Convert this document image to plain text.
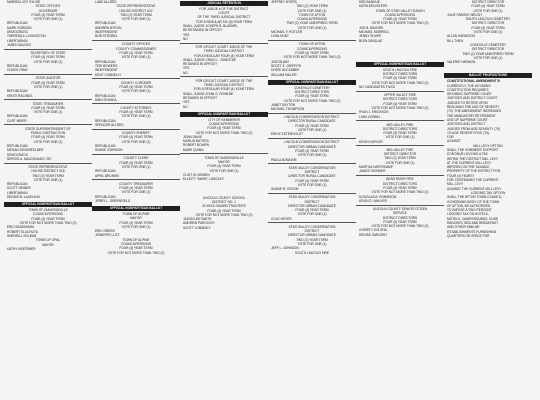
MARISSA JOY SYLVIE
STATE OFFICES
GOVERNOR
FOUR (4) YEAR TERM
VOTE FOR ONE (1)
REPUBLICAN
MARK GORDON
DEMOCRATIC
THERESA A. LIVINGSTON
LIBERTARIAN
JARED BALDES
SECRETARY OF STATE
FOUR (4) YEAR TERM
VOTE FOR ONE (1)
REPUBLICAN
CHUCK GRAY
STATE AUDITOR
FOUR (4) YEAR TERM
VOTE FOR ONE (1)
REPUBLICAN
KRISTI RACINES
STATE TREASURER
FOUR (4) YEAR TERM
VOTE FOR ONE (1)
REPUBLICAN
CURT MEIER
STATE SUPERINTENDENT OF
PUBLIC INSTRUCTION
FOUR (4) YEAR TERM
VOTE FOR ONE (1)
REPUBLICAN
MEGAN DEGENFELDER
DEMOCRATIC
SERGIO A. MALDONADO, SR.
STATE REPRESENTATIVE
HOUSE DISTRICT #18
TWO (2) YEAR TERM
VOTE FOR ONE (1)
REPUBLICAN
SCOTT HEINER
LIBERTARIAN
DENNIS B. LAUGHLIN
OFFICIAL NONPARTISAN BALLOT
TOWN OF DIAMONDVILLE
COUNCILPERSONS
FOUR (4) YEAR TERM
VOTE FOR NOT MORE THAN TWO (2)
ERIC BAGENHAM
ROBERT SLACHUTA
SHERRILL SOLBAN
TOWN OF OPAL
MAYOR
KATHY MORTIMER
LANE ALLRED
STATE REPRESENTATIVE
HOUSE DISTRICT #22
TWO (2) YEAR TERM
VOTE FOR ONE (1)
REPUBLICAN
ANDREW BYRON
INDEPENDENT
BOB STROBEL
COUNTY OFFICES
COUNTY COMMISSIONER
FOUR (4) YEAR TERM
VOTE FOR ONE (1)
REPUBLICAN
TERI BOWERS
INDEPENDENT
KENT CONNELLY
COUNTY CORONER
FOUR (4) YEAR TERM
VOTE FOR ONE (1)
REPUBLICAN
DAIN SCHAKA
COUNTY ATTORNEY
FOUR (4) YEAR TERM
VOTE FOR ONE (1)
REPUBLICAN
SPENCER ALLRED
COUNTY SHERIFF
FOUR (4) YEAR TERM
VOTE FOR ONE (1)
REPUBLICAN
SHANE JOHNSON
COUNTY CLERK
FOUR (4) YEAR TERM
VOTE FOR ONE (1)
REPUBLICAN
APRIL BRUNSKI
COUNTY TREASURER
FOUR (4) YEAR TERM
VOTE FOR ONE (1)
REPUBLICAN
JERRY L. GREENFIELD
OFFICIAL NONPARTISAN BALLOT
TOWN OF ALPINE
MAYOR
FOUR (4) YEAR TERM
VOTE FOR ONE (1)
ERIC GREEN
JENNIFER LUTZ
TOWN OF ALPINE
COUNCILPERSONS
FOUR (4) YEAR TERM
VOTE FOR NOT MORE THAN TWO (2)
JUDICIAL RETENTION
FOR JUDGE # OF THE DISTRICT
COURT
OF THE THIRD JUDICIAL DISTRICT
FOR A REGULAR SIX (6) YEAR TERM
SHALL JUDGE JOSEPH B. BLUEMEL
BE RETAINED IN OFFICE?
YES
NO
FOR CIRCUIT COURT JUDGE OF THE
THIRD JUDICIAL DISTRICT
FOR A REGULAR FOUR (4) YEAR TERM
SHALL JUDGE CRAIG L. JONES BE
RETAINED IN OFFICE?
YES
NO
FOR CIRCUIT COURT JUDGE OF THE
THIRD JUDICIAL DISTRICT
FOR A REGULAR FOUR (4) YEAR TERM
SHALL JUDGE JOHN G. FENN BE
RETAINED IN OFFICE?
YES
NO
OFFICIAL NONPARTISAN BALLOT
CITY OF KEMMERER
COUNCILPERSONS
FOUR (4) YEAR TERM
VOTE FOR NOT MORE THAN TWO (2)
JOHN DAVIS
MARLIN BATISTA
ROBERT BOWEN
MARK QUINN
TOWN OF DIAMONDVILLE
MAYOR
FOUR (4) YEAR TERM
VOTE FOR ONE (1)
CLINT W. BOWEN
ELLIOTT "MARK" LANGLEY
LINCOLN COUNTY SCHOOL
DISTRICT NO. 1
SCHOOL BOARD TRUSTEES
FOUR (4) YEAR TERM
VOTE FOR NOT MORE THAN TWO (2)
JASON LEE SMITH
ANDREW PAROVICH
SCOTT LOBINSKY
JEFFREY BYERS
TWO (2) YEAR TERM
VOTE FOR ONE (1)
TOWN OF AFTON
COUNCILPERSONS
TWO (2) YEAR UNEXPIRED TERM
VOTE FOR ONE (1)
MICHAEL F. RUTLER
LYNN HUNT
TOWN OF AFTON
COUNCILPERSONS
FOUR (4) YEAR TERM
VOTE FOR NOT MORE THAN TWO (2)
JUSTIN BAY
SCOTT E. GRIFFITH
CHRIS HUCKABEE
WILLIAM MILLER
OFFICIAL NONPARTISAN BALLOT
COKEVILLE CEMETERY
DISTRICT DIRECTORS
FOUR (4) YEAR TERM
VOTE FOR NOT MORE THAN TWO (2)
JANET DAYTON
MICHAEL THOMPSON
LINCOLN CONSERVATION DISTRICT
DIRECTOR RURAL CANDIDATE
FOUR (4) YEAR TERM
VOTE FOR ONE (1)
ERICK ESTERHOLDT
LINCOLN CONSERVATION DISTRICT
DIRECTOR URBAN CANDIDATE
FOUR (4) YEAR TERM
VOTE FOR ONE (1)
PAULA BOWLINE
STAR VALLEY CONSERVATION
DISTRICT
DIRECTOR RURAL CANDIDATE
FOUR (4) YEAR TERM
VOTE FOR ONE (1)
SHANE R. CROOK
STAR VALLEY CONSERVATION
DISTRICT
DIRECTOR URBAN CANDIDATE
FOUR (4) YEAR TERM
VOTE FOR ONE (1)
COLE HEYER
STAR VALLEY CONSERVATION
DISTRICT
DIRECTOR URBAN CANDIDATE
TWO (2) YEAR TERM
VOTE FOR ONE (1)
JEFF L. JOHNSON
SOUTH LINCOLN FIRE
DEB BANGUE
KATHLEEN BYERS
TOWN OF STAR VALLEY RANCH
COUNCILPERSONS
FOUR (4) YEAR TERM
VOTE FOR NOT MORE THAN TWO (2)
JOE B. MAJORS
MICHAEL MORRELL
JENNY SHUPE
BLEN DINGLAE
OFFICIAL NONPARTISAN BALLOT
SOUTH LINCOLN FIRE
DISTRICT DIRECTORS
FOUR (4) YEAR TERM
VOTE FOR NOT MORE THAN TWO (2)
NO CANDIDATES FILED
UPPER VALLEY FIRE
DISTRICT DIRECTORS
FOUR (4) YEAR TERM
VOTE FOR NOT MORE THAN TWO (2)
RYAN J. ERICKSON
LYAN VOSBEL
MID-VALLEY FIRE
DISTRICT DIRECTORS
FOUR (4) YEAR TERM
VOTE FOR ONE (1)
KEVIN HOPLER
MID-VALLEY FIRE
DISTRICT DIRECTOR
TWO (2) YEAR TERM
VOTE FOR ONE (1)
MARTHA HAFERKAMP
JANICE SKINNER
BEAR RIVER FIRE
DISTRICT DIRECTORS
FOUR (4) YEAR TERM
VOTE FOR NOT MORE THAN TWO (2)
DOUGLAS A. ROBINSON
KEVIN D. WALKER
LINCOLN COUNTY SENIOR CITIZEN
SERVICE
DISTRICT DIRECTORS
FOUR (4) YEAR TERM
VOTE FOR NOT MORE THAN TWO (2)
CHRISTY KOLSHA
DENISE SARGENT
DISTRICT DIRECTOR
FOUR (4) YEAR TERM
VOTE FOR ONE (1)
JULIE FABONY WELSH
SOUTH LINCOLN CEMETERY
DISTRICT DIRECTOR
FOUR (4) YEAR TERM
VOTE FOR ONE (1)
ALLAN HARWOOD
BILL THEN
COKEVILLE CEMETERY
DISTRICT DIRECTOR
TWO (2) YEAR UNEXPIRED TERM
VOTE FOR ONE (1)
VALERIE HARMON
BALLOT PROPOSITIONS
CONSTITUTIONAL AMENDMENT B
CURRENTLY, THE WYOMING
CONSTITUTION REQUIRES
WYOMING SUPREME COURT
JUSTICES AND DISTRICT COURT
JUDGES TO RETIRE UPON
REACHING THE AGE OF SEVENTY
(70). THE AMENDMENT INCREASES
THE MANDATORY RETIREMENT
AGE OF SUPREME COURT
JUSTICES AND DISTRICT
JUDGES FROM AGE SEVENTY (70)
TO AGE SEVENTY-FIVE (75).
FOR
AGAINST
MILL LEVY OPTION
SHALL THE SOMMERS' SUPPORT
CONTINUE LEVYING A TAX
WITHIN THE DISTRICT MILL LEVY
AT THE CURRENT MILL LEVY
IMPOSED ON THE TAXABLE
PROPERTY OF THE DISTRICT FOR
FOUR (4) YEARS?
FOR CONTINUING THE CURRENT
MILL LEVY
AGAINST THE CURRENT MILL LEVY
LODGING TAX OPTION
SHALL THE AFTON TOWN COUNCIL,
GOVERNING BODY OF THE TOWN
OF AFTON, BE AUTHORIZED
TO IMPOSE A TWO PERCENT
LODGING TAX ON HOTELS,
MOTELS, CAMPGROUNDS, DUDE
RANCHES, BED AND BREAKFAST
AND OTHER SIMILAR
ESTABLISHMENTS FURNISHING
QUARTERS OR SPACE FOR
